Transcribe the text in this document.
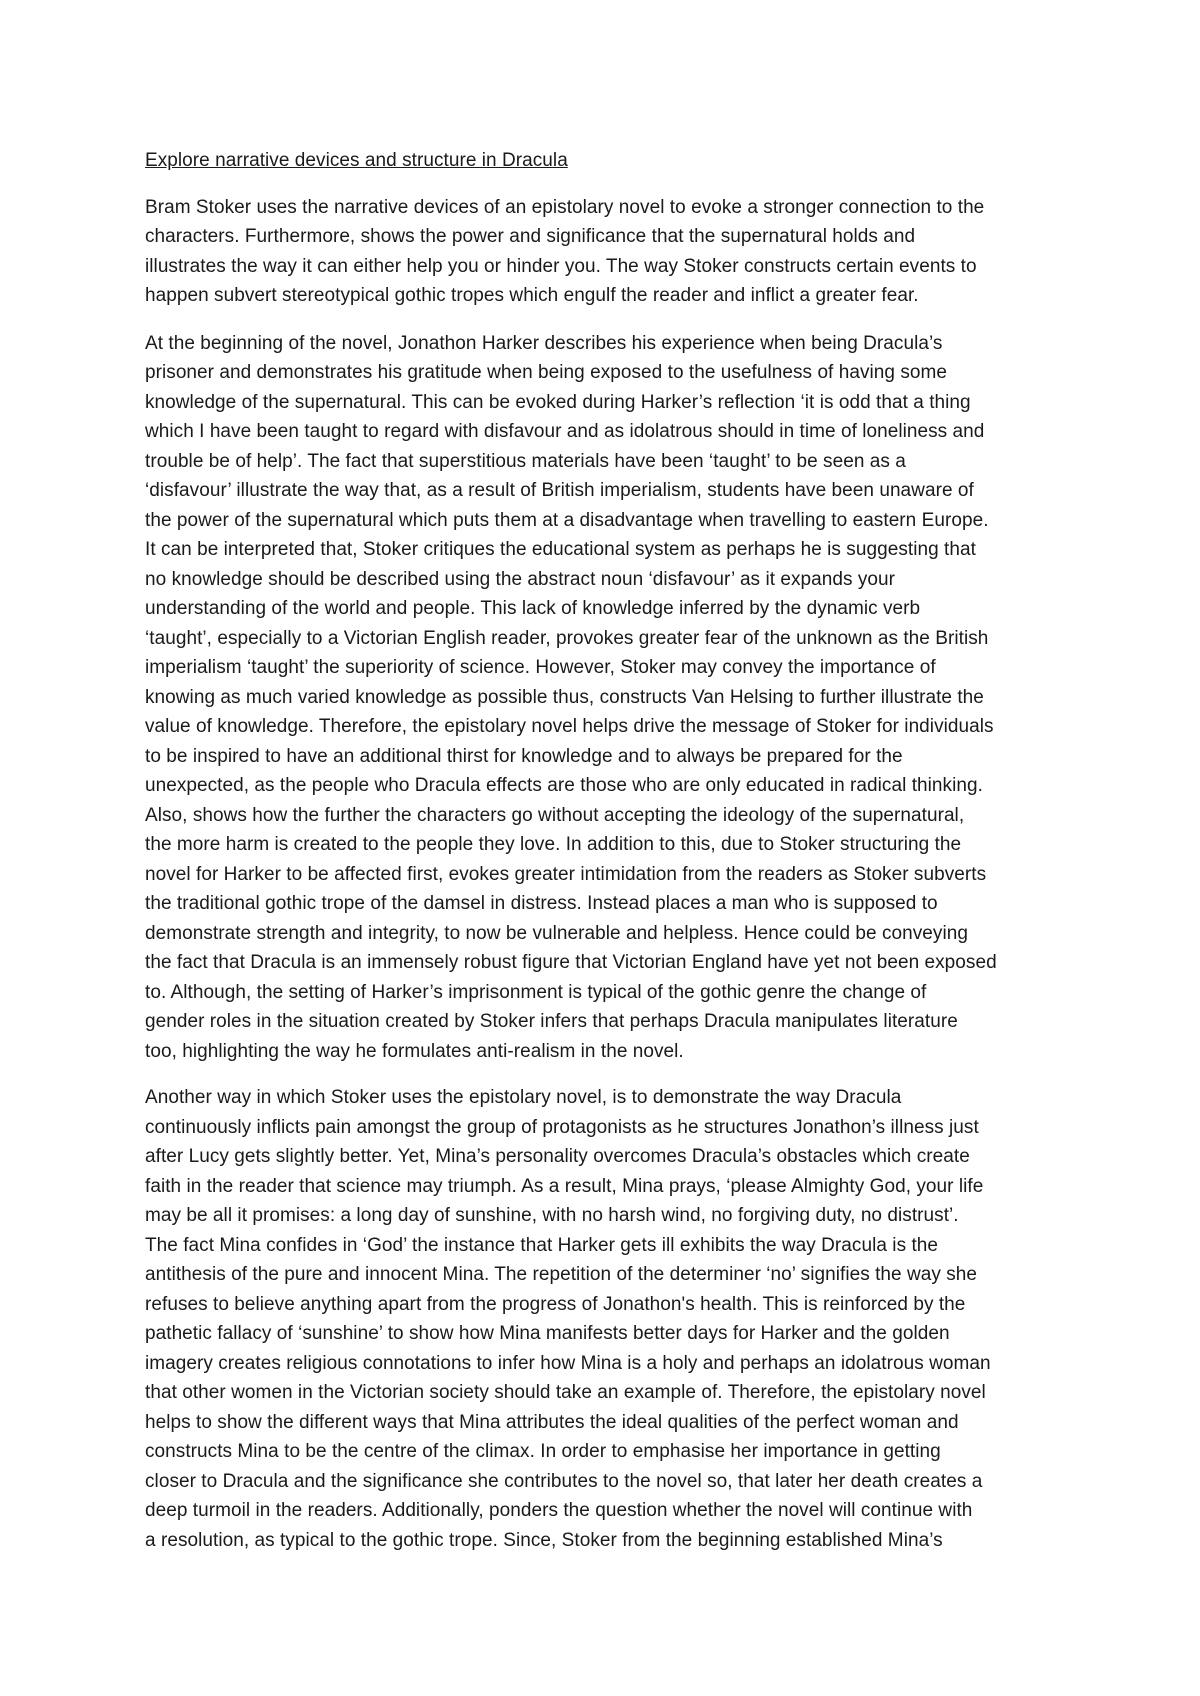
Explore narrative devices and structure in Dracula

Bram Stoker uses the narrative devices of an epistolary novel to evoke a stronger connection to the
characters. Furthermore, shows the power and significance that the supernatural holds and
illustrates the way it can either help you or hinder you. The way Stoker constructs certain events to
happen subvert stereotypical gothic tropes which engulf the reader and inflict a greater fear.

At the beginning of the novel, Jonathon Harker describes his experience when being Dracula’s
prisoner and demonstrates his gratitude when being exposed to the usefulness of having some
knowledge of the supernatural. This can be evoked during Harker’s reflection ‘it is odd that a thing
which I have been taught to regard with disfavour and as idolatrous should in time of loneliness and
trouble be of help’. The fact that superstitious materials have been ‘taught’ to be seen as a
‘disfavour’ illustrate the way that, as a result of British imperialism, students have been unaware of
the power of the supernatural which puts them at a disadvantage when travelling to eastern Europe.
It can be interpreted that, Stoker critiques the educational system as perhaps he is suggesting that
no knowledge should be described using the abstract noun ‘disfavour’ as it expands your
understanding of the world and people. This lack of knowledge inferred by the dynamic verb
‘taught’, especially to a Victorian English reader, provokes greater fear of the unknown as the British
imperialism ‘taught’ the superiority of science. However, Stoker may convey the importance of
knowing as much varied knowledge as possible thus, constructs Van Helsing to further illustrate the
value of knowledge. Therefore, the epistolary novel helps drive the message of Stoker for individuals
to be inspired to have an additional thirst for knowledge and to always be prepared for the
unexpected, as the people who Dracula effects are those who are only educated in radical thinking.
Also, shows how the further the characters go without accepting the ideology of the supernatural,
the more harm is created to the people they love. In addition to this, due to Stoker structuring the
novel for Harker to be affected first, evokes greater intimidation from the readers as Stoker subverts
the traditional gothic trope of the damsel in distress. Instead places a man who is supposed to
demonstrate strength and integrity, to now be vulnerable and helpless. Hence could be conveying
the fact that Dracula is an immensely robust figure that Victorian England have yet not been exposed
to. Although, the setting of Harker’s imprisonment is typical of the gothic genre the change of
gender roles in the situation created by Stoker infers that perhaps Dracula manipulates literature
too, highlighting the way he formulates anti-realism in the novel.

Another way in which Stoker uses the epistolary novel, is to demonstrate the way Dracula
continuously inflicts pain amongst the group of protagonists as he structures Jonathon’s illness just
after Lucy gets slightly better. Yet, Mina’s personality overcomes Dracula’s obstacles which create
faith in the reader that science may triumph. As a result, Mina prays, ‘please Almighty God, your life
may be all it promises: a long day of sunshine, with no harsh wind, no forgiving duty, no distrust’.
The fact Mina confides in ‘God’ the instance that Harker gets ill exhibits the way Dracula is the
antithesis of the pure and innocent Mina. The repetition of the determiner ‘no’ signifies the way she
refuses to believe anything apart from the progress of Jonathon's health. This is reinforced by the
pathetic fallacy of ‘sunshine’ to show how Mina manifests better days for Harker and the golden
imagery creates religious connotations to infer how Mina is a holy and perhaps an idolatrous woman
that other women in the Victorian society should take an example of. Therefore, the epistolary novel
helps to show the different ways that Mina attributes the ideal qualities of the perfect woman and
constructs Mina to be the centre of the climax. In order to emphasise her importance in getting
closer to Dracula and the significance she contributes to the novel so, that later her death creates a
deep turmoil in the readers. Additionally, ponders the question whether the novel will continue with
a resolution, as typical to the gothic trope. Since, Stoker from the beginning established Mina’s
